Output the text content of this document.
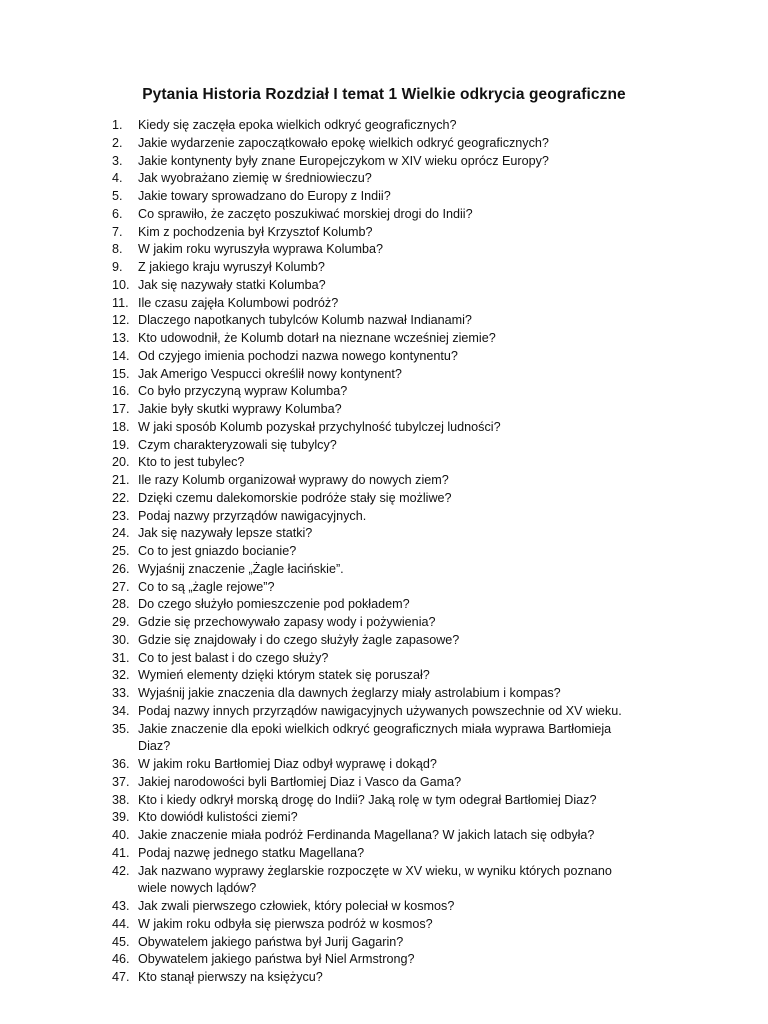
Pytania Historia Rozdział I temat 1 Wielkie odkrycia geograficzne
1.	Kiedy się zaczęła epoka wielkich odkryć geograficznych?
2.	Jakie wydarzenie zapoczątkowało epokę wielkich odkryć geograficznych?
3.	Jakie kontynenty były znane Europejczykom w XIV wieku oprócz Europy?
4.	Jak wyobrażano ziemię w średniowieczu?
5.	Jakie towary sprowadzano do Europy z Indii?
6.	Co sprawiło, że zaczęto poszukiwać morskiej drogi do Indii?
7.	Kim z pochodzenia był Krzysztof Kolumb?
8.	W jakim roku wyruszyła wyprawa Kolumba?
9.	Z jakiego kraju wyruszył Kolumb?
10. Jak się nazywały statki Kolumba?
11. Ile czasu zajęła Kolumbowi podróż?
12. Dlaczego napotkanych tubylców Kolumb nazwał Indianami?
13. Kto udowodnił, że Kolumb dotarł na nieznane wcześniej ziemie?
14. Od czyjego imienia pochodzi nazwa nowego kontynentu?
15. Jak Amerigo Vespucci określił nowy kontynent?
16. Co było przyczyną wypraw Kolumba?
17. Jakie były skutki wyprawy Kolumba?
18. W jaki sposób Kolumb pozyskał przychylność tubylczej ludności?
19. Czym charakteryzowali się tubylcy?
20. Kto to jest tubylec?
21. Ile razy Kolumb organizował wyprawy do nowych ziem?
22. Dzięki czemu dalekomorskie podróże stały się możliwe?
23. Podaj nazwy przyrządów nawigacyjnych.
24. Jak się nazywały lepsze statki?
25. Co to jest gniazdo bocianie?
26. Wyjaśnij znaczenie „Żagle łacińskie”.
27. Co to są „żagle rejowe”?
28. Do czego służyło pomieszczenie pod pokładem?
29. Gdzie się przechowywało zapasy wody i pożywienia?
30. Gdzie się znajdowały i do czego służyły żagle zapasowe?
31. Co to jest balast i do czego służy?
32. Wymień elementy dzięki którym statek się poruszał?
33. Wyjaśnij jakie znaczenia dla dawnych żeglarzy miały astrolabium i kompas?
34. Podaj nazwy innych przyrządów nawigacyjnych używanych powszechnie od XV wieku.
35. Jakie znaczenie dla epoki wielkich odkryć geograficznych miała wyprawa Bartłomieja Diaz?
36. W jakim roku Bartłomiej Diaz odbył wyprawę i dokąd?
37. Jakiej narodowości byli Bartłomiej Diaz i Vasco da Gama?
38. Kto i kiedy odkrył morską drogę do Indii? Jaką rolę w tym odegrał Bartłomiej Diaz?
39. Kto dowiódł kulistości ziemi?
40. Jakie znaczenie miała podróż Ferdinanda Magellana? W jakich latach się odbyła?
41. Podaj nazwę jednego statku Magellana?
42. Jak nazwano wyprawy żeglarskie rozpoczęte w XV wieku, w wyniku których poznano wiele nowych lądów?
43. Jak zwali pierwszego człowiek, który poleciał w kosmos?
44. W jakim roku odbyła się pierwsza podróż w kosmos?
45. Obywatelem jakiego państwa był Jurij Gagarin?
46. Obywatelem jakiego państwa był Niel Armstrong?
47. Kto stanął pierwszy na księżycu?
